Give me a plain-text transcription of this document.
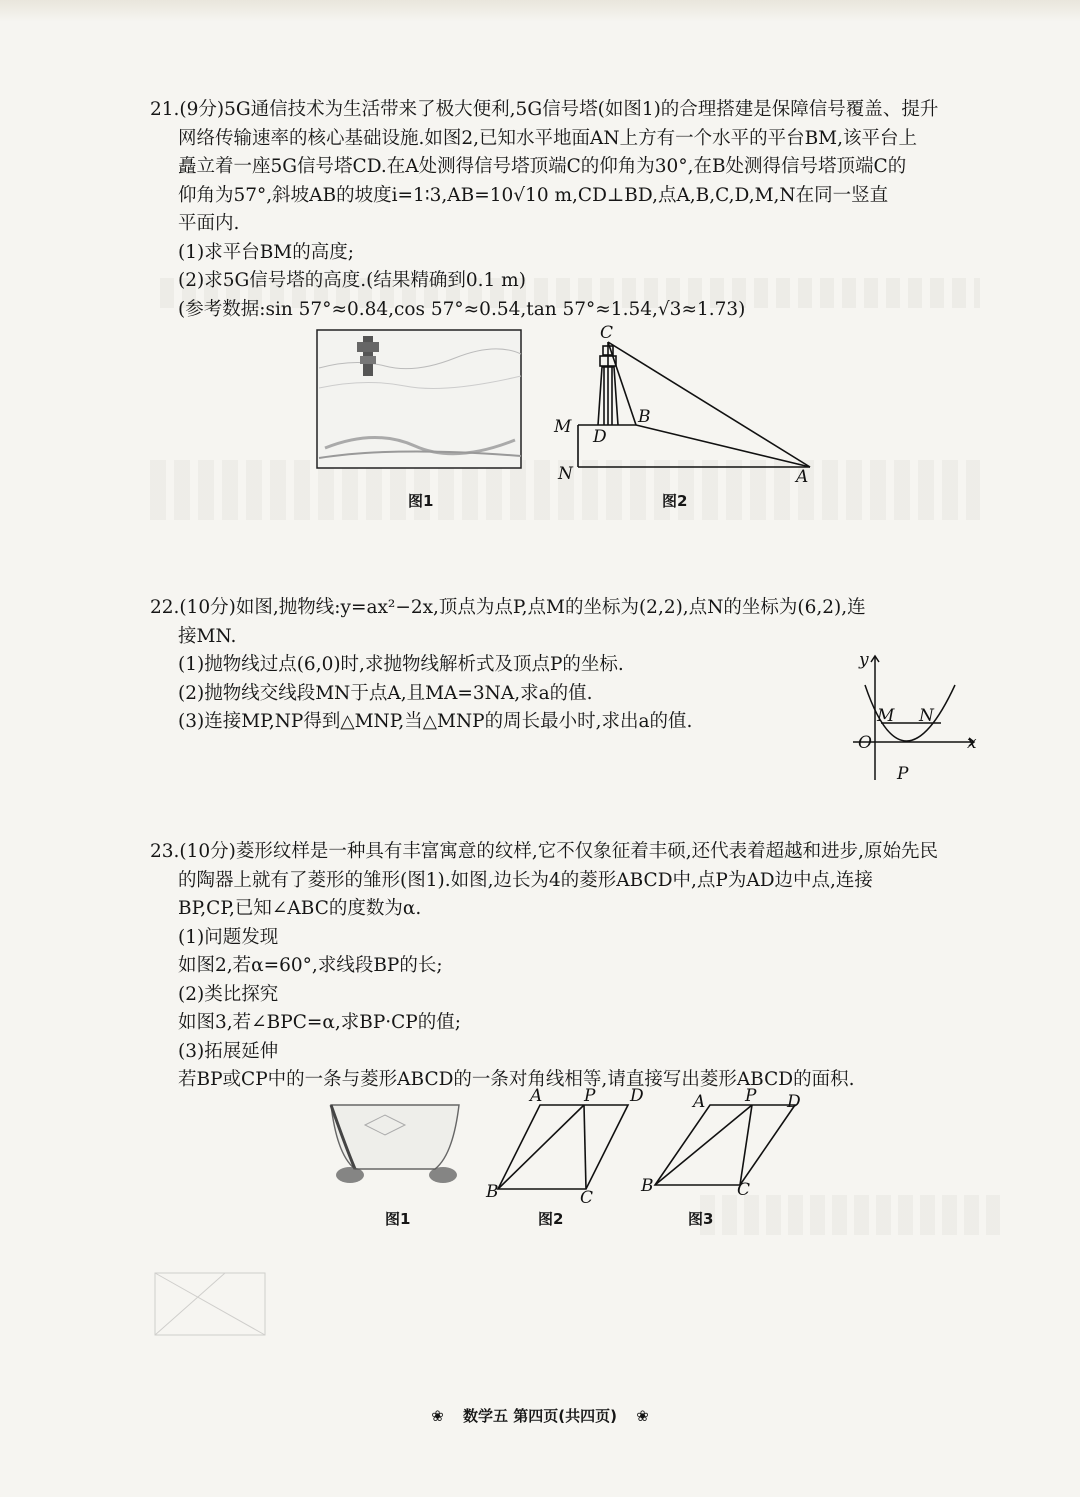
21.(9分)5G通信技术为生活带来了极大便利,5G信号塔(如图1)的合理搭建是保障信号覆盖、提升
网络传输速率的核心基础设施.如图2,已知水平地面AN上方有一个水平的平台BM,该平台上
矗立着一座5G信号塔CD.在A处测得信号塔顶端C的仰角为30°,在B处测得信号塔顶端C的
仰角为57°,斜坡AB的坡度i=1∶3,AB=10√10 m,CD⊥BD,点A,B,C,D,M,N在同一竖直
平面内.
(1)求平台BM的高度;
(2)求5G信号塔的高度.(结果精确到0.1 m)
(参考数据:sin 57°≈0.84,cos 57°≈0.54,tan 57°≈1.54,√3≈1.73)
图1
C
M D
B
N	A
图2
22.(10分)如图,抛物线:y=ax²−2x,顶点为点P,点M的坐标为(2,2),点N的坐标为(6,2),连
接MN.
(1)抛物线过点(6,0)时,求抛物线解析式及顶点P的坐标.
(2)抛物线交线段MN于点A,且MA=3NA,求a的值.
(3)连接MP,NP得到△MNP,当△MNP的周长最小时,求出a的值.
y
x
O
M N
P
23.(10分)菱形纹样是一种具有丰富寓意的纹样,它不仅象征着丰硕,还代表着超越和进步,原始先民
的陶器上就有了菱形的雏形(图1).如图,边长为4的菱形ABCD中,点P为AD边中点,连接
BP,CP,已知∠ABC的度数为α.
(1)问题发现
如图2,若α=60°,求线段BP的长;
(2)类比探究
如图3,若∠BPC=α,求BP·CP的值;
(3)拓展延伸
若BP或CP中的一条与菱形ABCD的一条对角线相等,请直接写出菱形ABCD的面积.
图1
A P D
B	C
图2
A P D
B	C
图3
❀ 数学五 第四页(共四页) ❀
